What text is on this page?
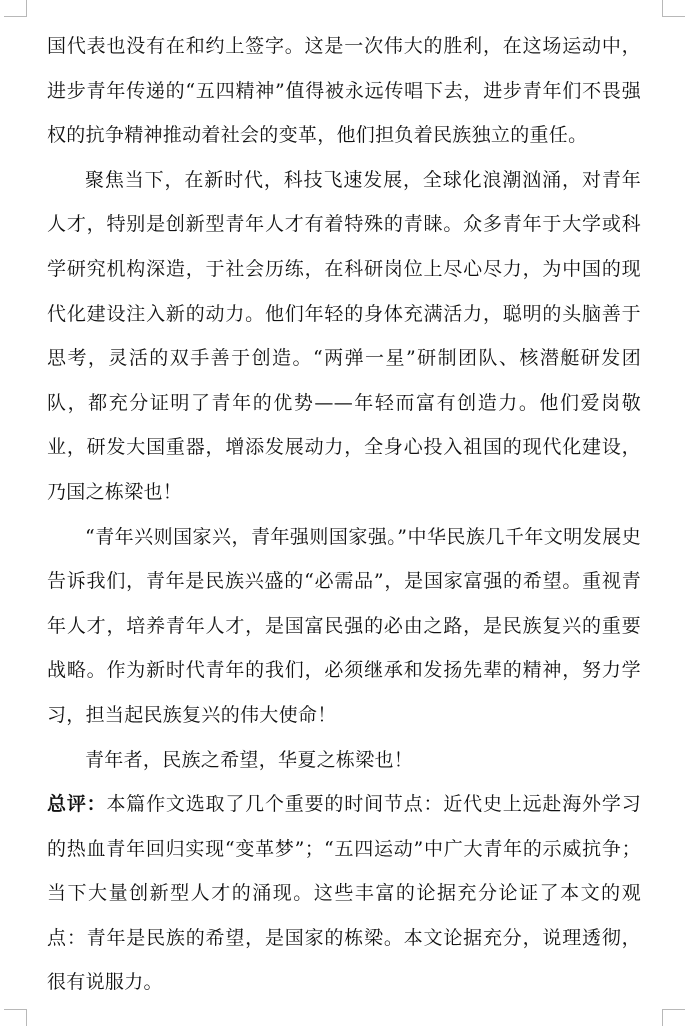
国代表也没有在和约上签字。这是一次伟大的胜利，在这场运动中，进步青年传递的“五四精神”值得被永远传唱下去，进步青年们不畏强权的抗争精神推动着社会的变革，他们担负着民族独立的重任。

聚焦当下，在新时代，科技飞速发展，全球化浪潮汹涌，对青年人才，特别是创新型青年人才有着特殊的青睐。众多青年于大学或科学研究机构深造，于社会历练，在科研岗位上尽心尽力，为中国的现代化建设注入新的动力。他们年轻的身体充满活力，聪明的头脑善于思考，灵活的双手善于创造。“两弹一星”研制团队、核潜艇研发团队，都充分证明了青年的优势——年轻而富有创造力。他们爱岗敬业，研发大国重器，增添发展动力，全身心投入祖国的现代化建设，乃国之栋梁也！

“青年兴则国家兴，青年强则国家强。”中华民族几千年文明发展史告诉我们，青年是民族兴盛的“必需品”，是国家富强的希望。重视青年人才，培养青年人才，是国富民强的必由之路，是民族复兴的重要战略。作为新时代青年的我们，必须继承和发扬先辈的精神，努力学习，担当起民族复兴的伟大使命！

青年者，民族之希望，华夏之栋梁也！

总评：本篇作文选取了几个重要的时间节点：近代史上远赴海外学习的热血青年回归实现“变革梦”；“五四运动”中广大青年的示威抗争；当下大量创新型人才的涌现。这些丰富的论据充分论证了本文的观点：青年是民族的希望，是国家的栋梁。本文论据充分，说理透彻，很有说服力。
